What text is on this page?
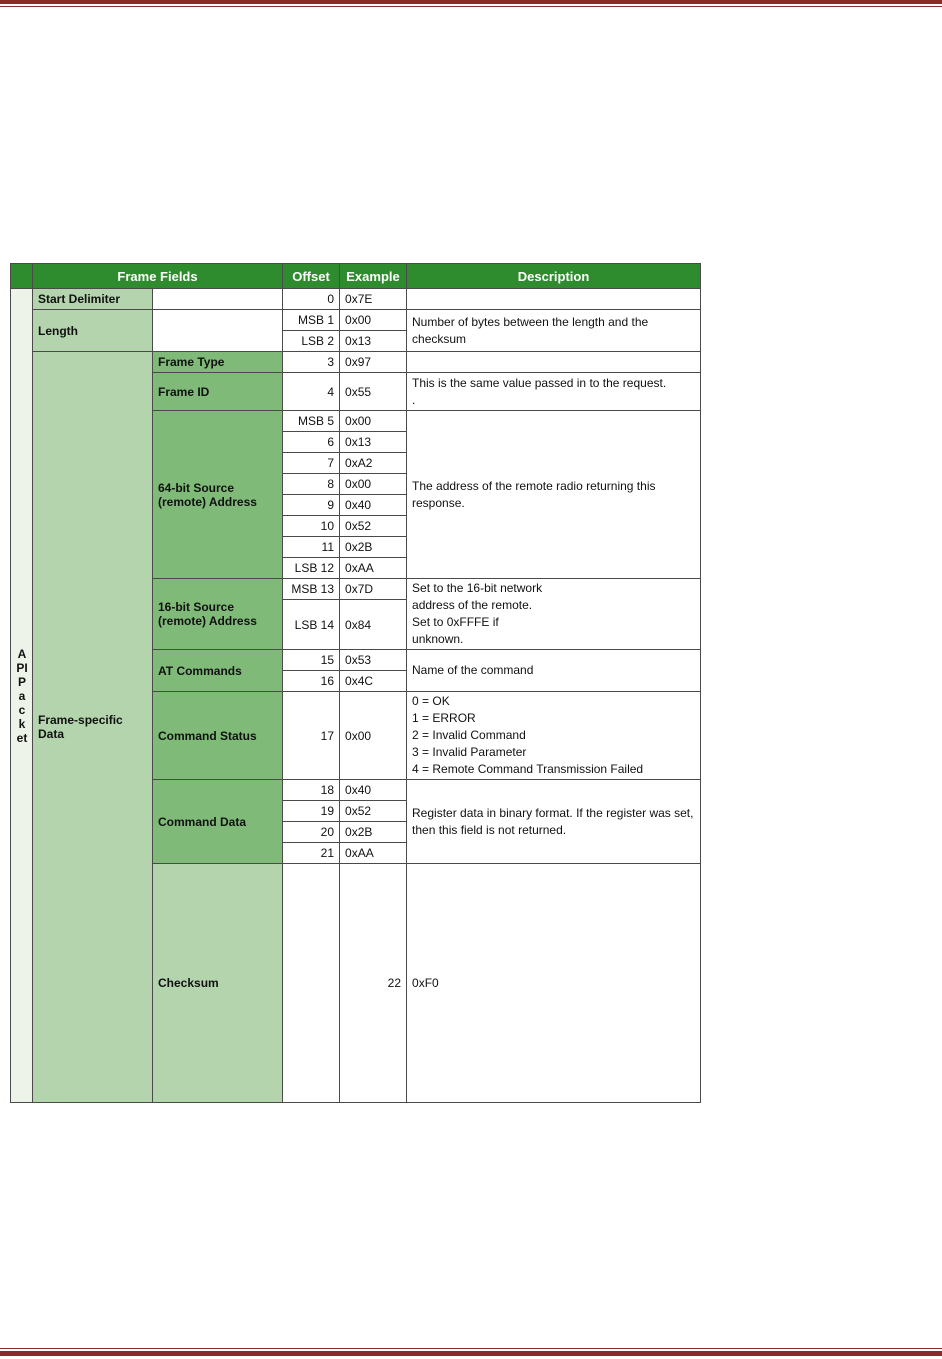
	Frame Fields		Offset	Example	Description	
API Packet	Start Delimiter		0	0x7E		
	Length		MSB 1	0x00	Number of bytes between the length and the checksum	
			LSB 2	0x13		
	Frame-specific Data	Frame Type	3	0x97		
		Frame ID	4	0x55	This is the same value passed in to the request.
.	

		64-bit Source (remote) Address	MSB 5	0x00	The address of the remote radio returning this response.	
			6	0x13		
			7	0xA2		
			8	0x00		
			9	0x40		
			10	0x52		
			11	0x2B		
			LSB 12	0xAA		
		16-bit Source (remote) Address	MSB 13	0x7D	Set to the 16-bit network
address of the remote.
Set to 0xFFFE if
unknown.	

			LSB 14	0x84		
		AT Commands	15	0x53	Name of the command	
			16	0x4C		
		Command Status	17	0x00	0 = OK
1 = ERROR
2 = Invalid Command
3 = Invalid Parameter
4 = Remote Command Transmission Failed	

		Command Data	18	0x40	Register data in binary format. If the register was set, then this field is not returned.	
			19	0x52		
			20	0x2B		
			21	0xAA		
		Checksum		22	0xF0	
